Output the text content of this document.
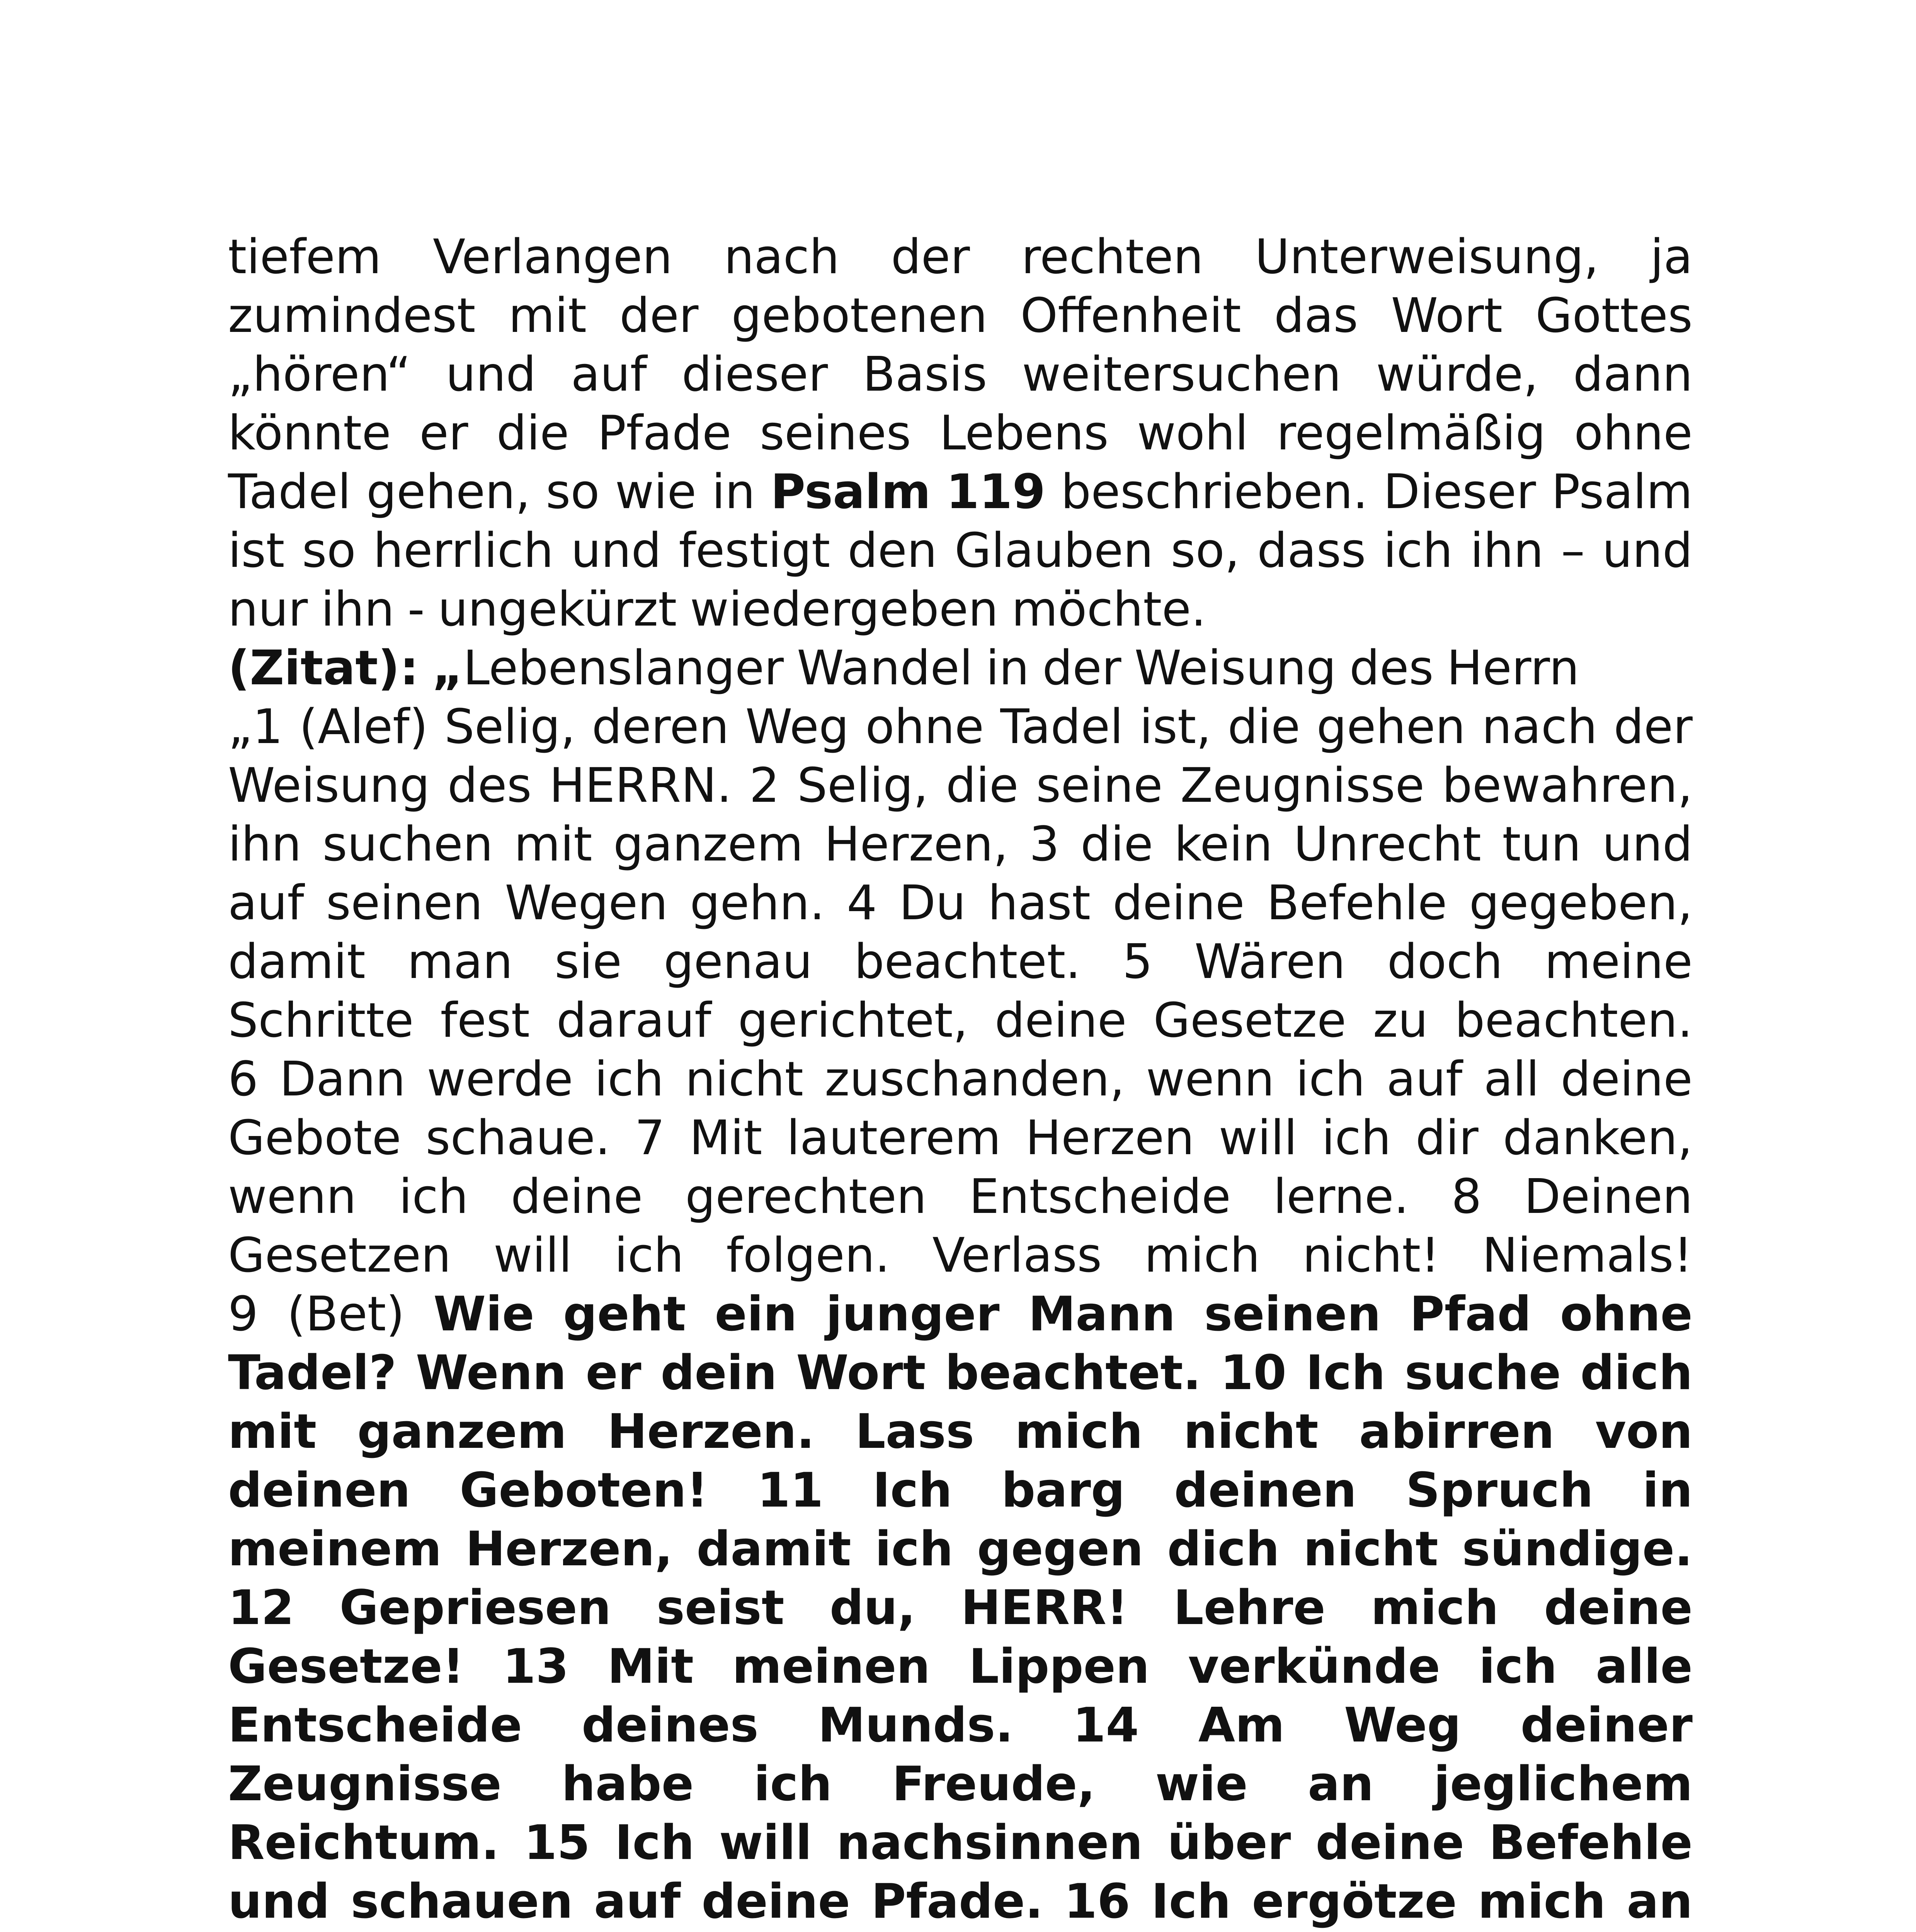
tiefem Verlangen nach der rechten Unterweisung, ja
zumindest mit der gebotenen Offenheit das Wort Gottes
„hören“ und auf dieser Basis weitersuchen würde, dann
könnte er die Pfade seines Lebens wohl regelmäßig ohne
Tadel gehen, so wie in Psalm 119 beschrieben. Dieser Psalm
ist so herrlich und festigt den Glauben so, dass ich ihn – und
nur ihn - ungekürzt wiedergeben möchte.
(Zitat): „ Lebenslanger Wandel in der Weisung des Herrn
„1 (Alef) Selig, deren Weg ohne Tadel ist, die gehen nach der
Weisung des HERRN. 2 Selig, die seine Zeugnisse bewahren,
ihn suchen mit ganzem Herzen, 3 die kein Unrecht tun und
auf seinen Wegen gehn. 4 Du hast deine Befehle gegeben,
damit man sie genau beachtet. 5 Wären doch meine
Schritte fest darauf gerichtet, deine Gesetze zu beachten.
6 Dann werde ich nicht zuschanden, wenn ich auf all deine
Gebote schaue. 7 Mit lauterem Herzen will ich dir danken,
wenn ich deine gerechten Entscheide lerne. 8 Deinen
Gesetzen will ich folgen. Verlass mich nicht! Niemals!
9 (Bet) Wie geht ein junger Mann seinen Pfad ohne
Tadel? Wenn er dein Wort beachtet. 10 Ich suche dich
mit ganzem Herzen. Lass mich nicht abirren von
deinen Geboten! 11 Ich barg deinen Spruch in
meinem Herzen, damit ich gegen dich nicht sündige.
12 Gepriesen seist du, HERR! Lehre mich deine
Gesetze! 13 Mit meinen Lippen verkünde ich alle
Entscheide deines Munds. 14 Am Weg deiner
Zeugnisse habe ich Freude, wie an jeglichem
Reichtum. 15 Ich will nachsinnen über deine Befehle
und schauen auf deine Pfade. 16 Ich ergötze mich an
